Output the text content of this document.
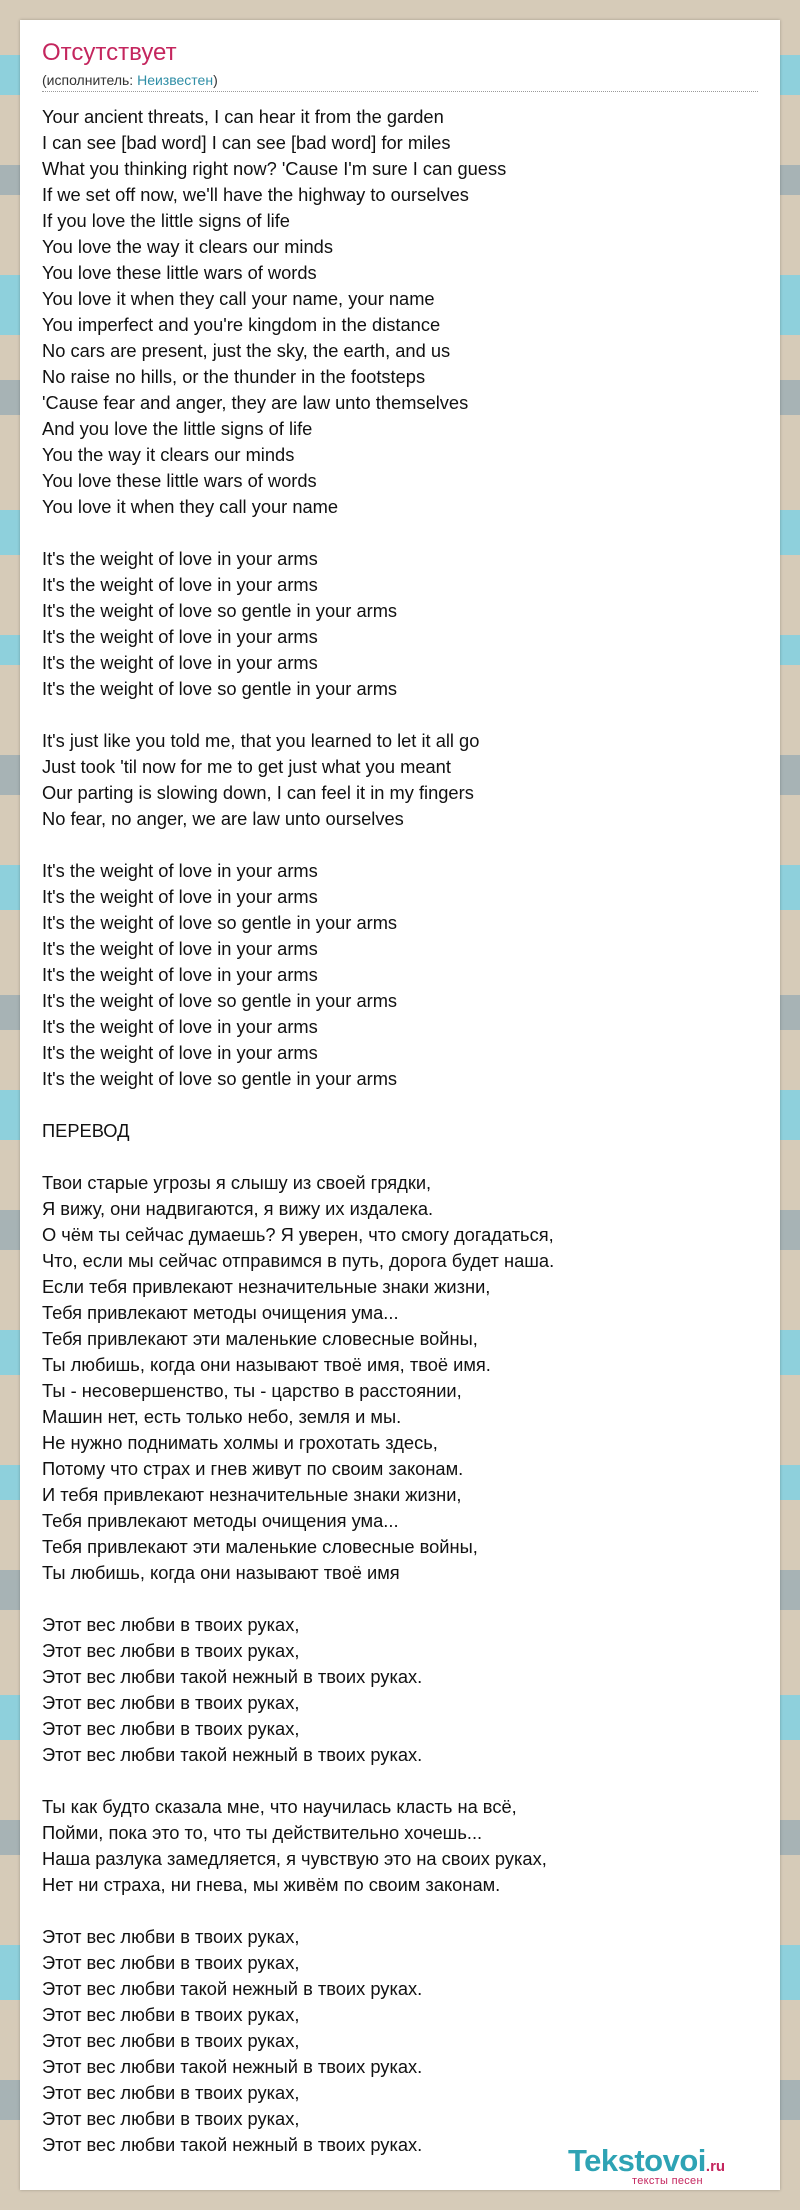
Отсутствует
(исполнитель: Неизвестен)
Your ancient threats, I can hear it from the garden
I can see [bad word] I can see [bad word] for miles
What you thinking right now? 'Cause I'm sure I can guess
If we set off now, we'll have the highway to ourselves
If you love the little signs of life
You love the way it clears our minds
You love these little wars of words
You love it when they call your name, your name
You imperfect and you're kingdom in the distance
No cars are present, just the sky, the earth, and us
No raise no hills, or the thunder in the footsteps
'Cause fear and anger, they are law unto themselves
And you love the little signs of life
You the way it clears our minds
You love these little wars of words
You love it when they call your name

It's the weight of love in your arms
It's the weight of love in your arms
It's the weight of love so gentle in your arms
It's the weight of love in your arms
It's the weight of love in your arms
It's the weight of love so gentle in your arms

It's just like you told me, that you learned to let it all go
Just took 'til now for me to get just what you meant
Our parting is slowing down, I can feel it in my fingers
No fear, no anger, we are law unto ourselves

It's the weight of love in your arms
It's the weight of love in your arms
It's the weight of love so gentle in your arms
It's the weight of love in your arms
It's the weight of love in your arms
It's the weight of love so gentle in your arms
It's the weight of love in your arms
It's the weight of love in your arms
It's the weight of love so gentle in your arms

ПЕРЕВОД

Твои старые угрозы я слышу из своей грядки,
Я вижу, они надвигаются, я вижу их издалека.
О чём ты сейчас думаешь? Я уверен, что смогу догадаться,
Что, если мы сейчас отправимся в путь, дорога будет наша.
Если тебя привлекают незначительные знаки жизни,
Тебя привлекают методы очищения ума...
Тебя привлекают эти маленькие словесные войны,
Ты любишь, когда они называют твоё имя, твоё имя.
Ты - несовершенство, ты - царство в расстоянии,
Машин нет, есть только небо, земля и мы.
Не нужно поднимать холмы и грохотать здесь,
Потому что страх и гнев живут по своим законам.
И тебя привлекают незначительные знаки жизни,
Тебя привлекают методы очищения ума...
Тебя привлекают эти маленькие словесные войны,
Ты любишь, когда они называют твоё имя

Этот вес любви в твоих руках,
Этот вес любви в твоих руках,
Этот вес любви такой нежный в твоих руках.
Этот вес любви в твоих руках,
Этот вес любви в твоих руках,
Этот вес любви такой нежный в твоих руках.

Ты как будто сказала мне, что научилась класть на всё,
Пойми, пока это то, что ты действительно хочешь...
Наша разлука замедляется, я чувствую это на своих руках,
Нет ни страха, ни гнева, мы живём по своим законам.

Этот вес любви в твоих руках,
Этот вес любви в твоих руках,
Этот вес любви такой нежный в твоих руках.
Этот вес любви в твоих руках,
Этот вес любви в твоих руках,
Этот вес любви такой нежный в твоих руках.
Этот вес любви в твоих руках,
Этот вес любви в твоих руках,
Этот вес любви такой нежный в твоих руках.	Tekstovoi.ru
тексты песен
